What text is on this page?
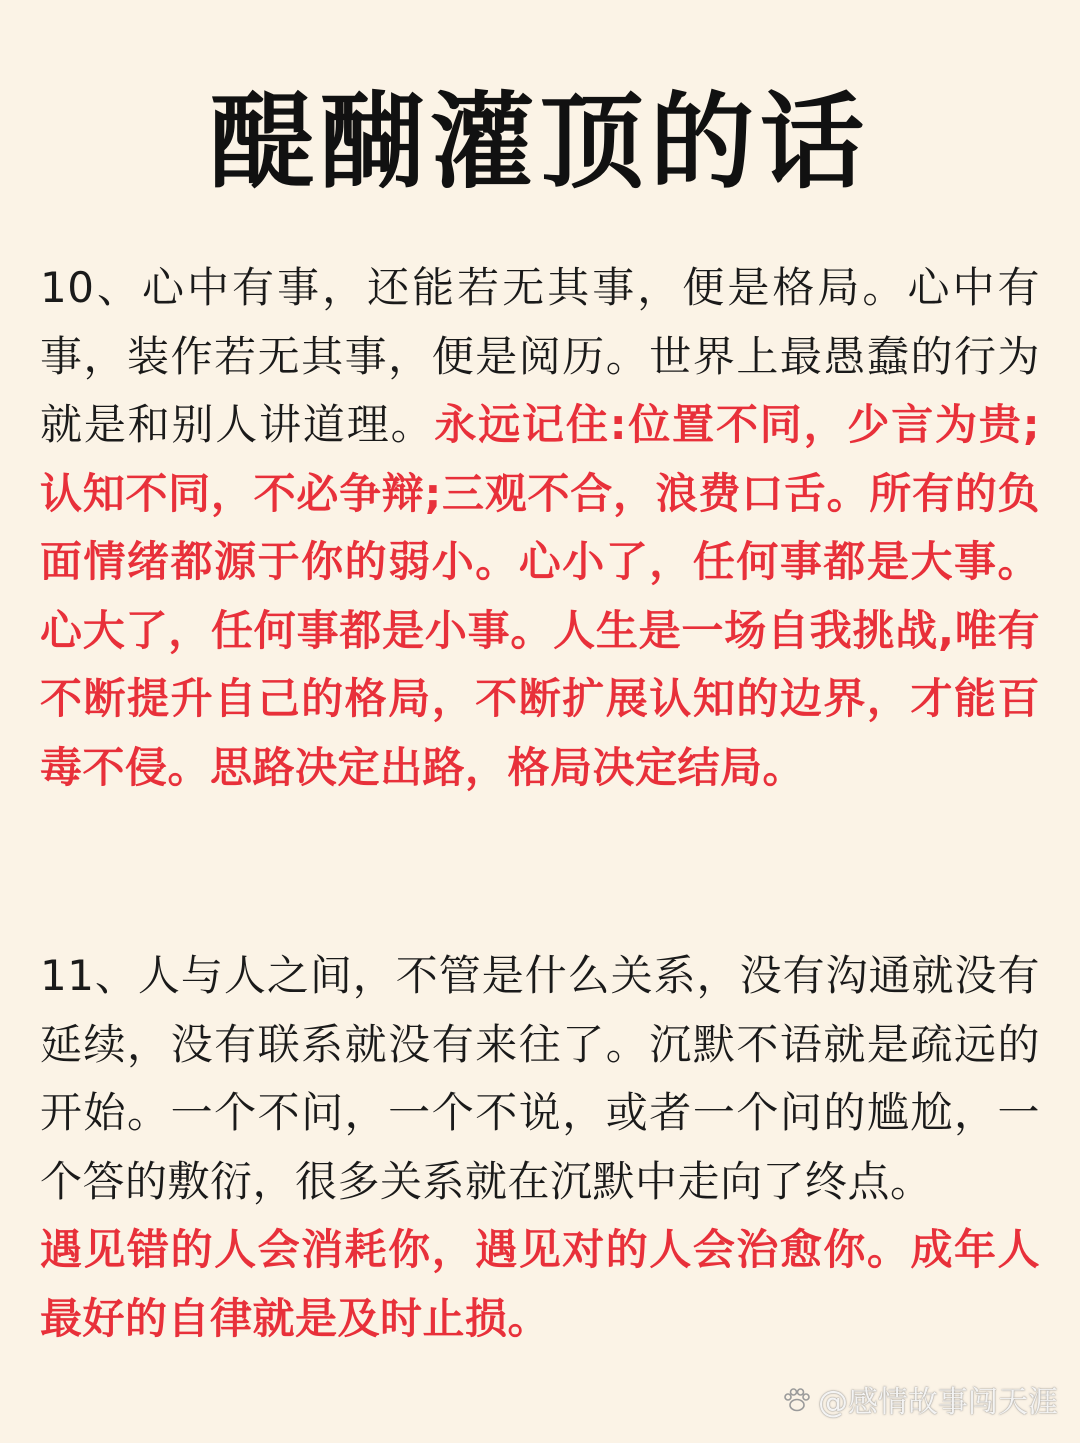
醍醐灌顶的话

10、心中有事，还能若无其事，便是格局。心中有事，装作若无其事，便是阅历。世界上最愚蠢的行为就是和别人讲道理。永远记住:位置不同，少言为贵;认知不同，不必争辩;三观不合，浪费口舌。所有的负面情绪都源于你的弱小。心小了，任何事都是大事。心大了，任何事都是小事。人生是一场自我挑战,唯有不断提升自己的格局，不断扩展认知的边界，才能百毒不侵。思路决定出路，格局决定结局。

11、人与人之间，不管是什么关系，没有沟通就没有延续，没有联系就没有来往了。沉默不语就是疏远的开始。一个不问，一个不说，或者一个问的尴尬，一个答的敷衍，很多关系就在沉默中走向了终点。
遇见错的人会消耗你，遇见对的人会治愈你。成年人最好的自律就是及时止损。

@感情故事闯天涯
